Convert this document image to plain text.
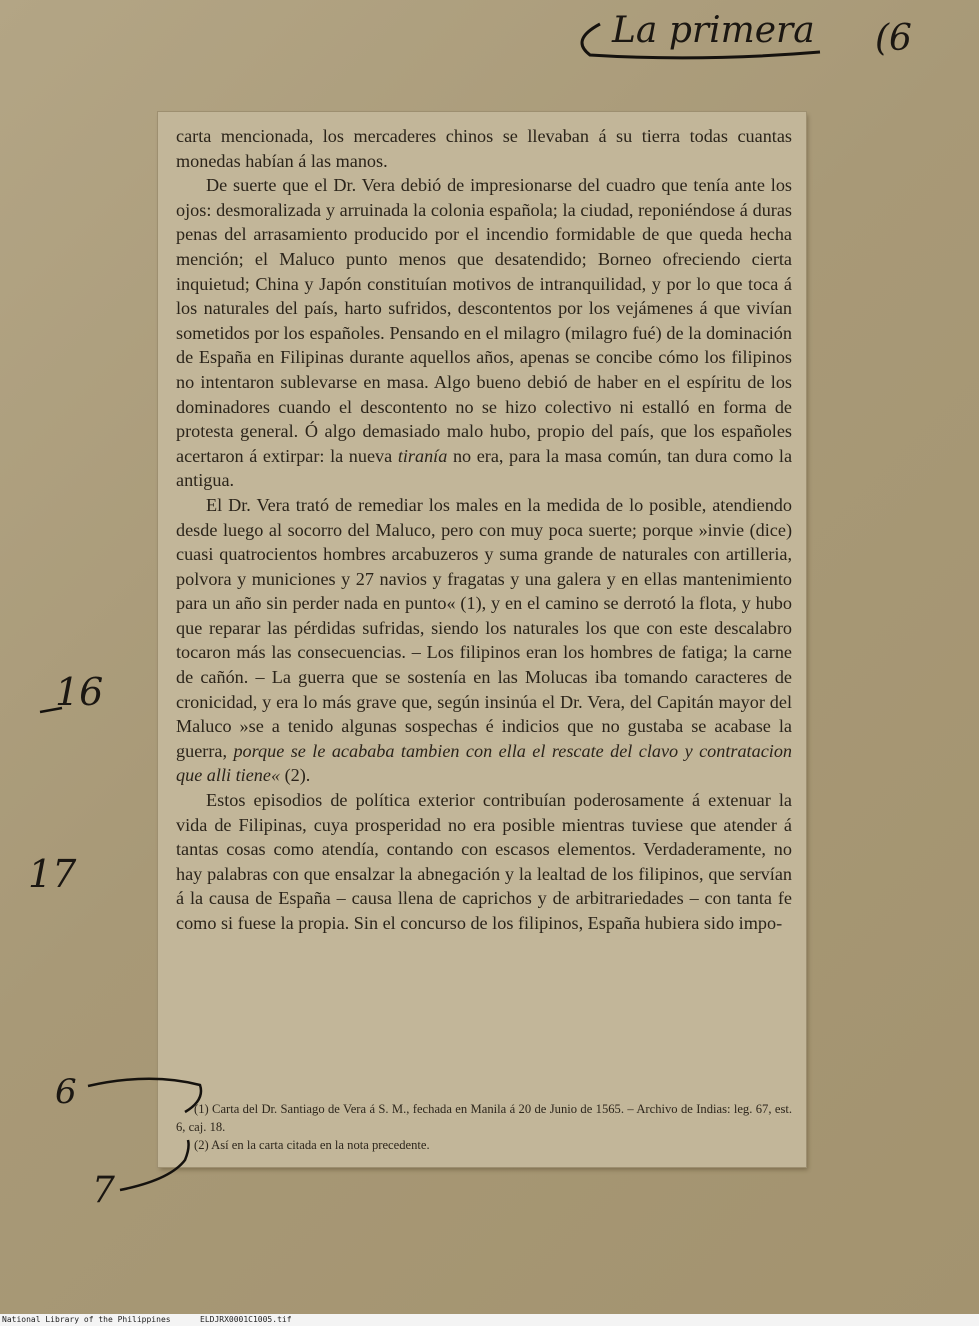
carta mencionada, los mercaderes chinos se llevaban á su tierra todas cuantas monedas habían á las manos.

De suerte que el Dr. Vera debió de impresionarse del cuadro que tenía ante los ojos: desmoralizada y arruinada la colonia española; la ciudad, reponiéndose á duras penas del arrasamiento producido por el incendio formidable de que queda hecha mención; el Maluco punto menos que desatendido; Borneo ofreciendo cierta inquietud; China y Japón constituían motivos de intranquilidad, y por lo que toca á los naturales del país, harto sufridos, descontentos por los vejámenes á que vivían sometidos por los españoles. Pensando en el milagro (milagro fué) de la dominación de España en Filipinas durante aquellos años, apenas se concibe cómo los filipinos no intentaron sublevarse en masa. Algo bueno debió de haber en el espíritu de los dominadores cuando el descontento no se hizo colectivo ni estalló en forma de protesta general. Ó algo demasiado malo hubo, propio del país, que los españoles acertaron á extirpar: la nueva tiranía no era, para la masa común, tan dura como la antigua.

El Dr. Vera trató de remediar los males en la medida de lo posible, atendiendo desde luego al socorro del Maluco, pero con muy poca suerte; porque »invie (dice) cuasi quatrocientos hombres arcabuzeros y suma grande de naturales con artilleria, polvora y municiones y 27 navios y fragatas y una galera y en ellas mantenimiento para un año sin perder nada en punto« (1), y en el camino se derrotó la flota, y hubo que reparar las pérdidas sufridas, siendo los naturales los que con este descalabro tocaron más las consecuencias. – Los filipinos eran los hombres de fatiga; la carne de cañón. – La guerra que se sostenía en las Molucas iba tomando caracteres de cronicidad, y era lo más grave que, según insinúa el Dr. Vera, del Capitán mayor del Maluco »se a tenido algunas sospechas é indicios que no gustaba se acabase la guerra, porque se le acababa tambien con ella el rescate del clavo y contratacion que alli tiene« (2).

Estos episodios de política exterior contribuían poderosamente á extenuar la vida de Filipinas, cuya prosperidad no era posible mientras tuviese que atender á tantas cosas como atendía, contando con escasos elementos. Verdaderamente, no hay palabras con que ensalzar la abnegación y la lealtad de los filipinos, que servían á la causa de España – causa llena de caprichos y de arbitrariedades – con tanta fe como si fuese la propia. Sin el concurso de los filipinos, España hubiera sido impo-

(1) Carta del Dr. Santiago de Vera á S. M., fechada en Manila á 20 de Junio de 1565. – Archivo de Indias: leg. 67, est. 6, caj. 18.

(2) Así en la carta citada en la nota precedente.

La primera (6
16
17
6
7
National Library of the Philippines	ELDJRX0001C1005.tif
